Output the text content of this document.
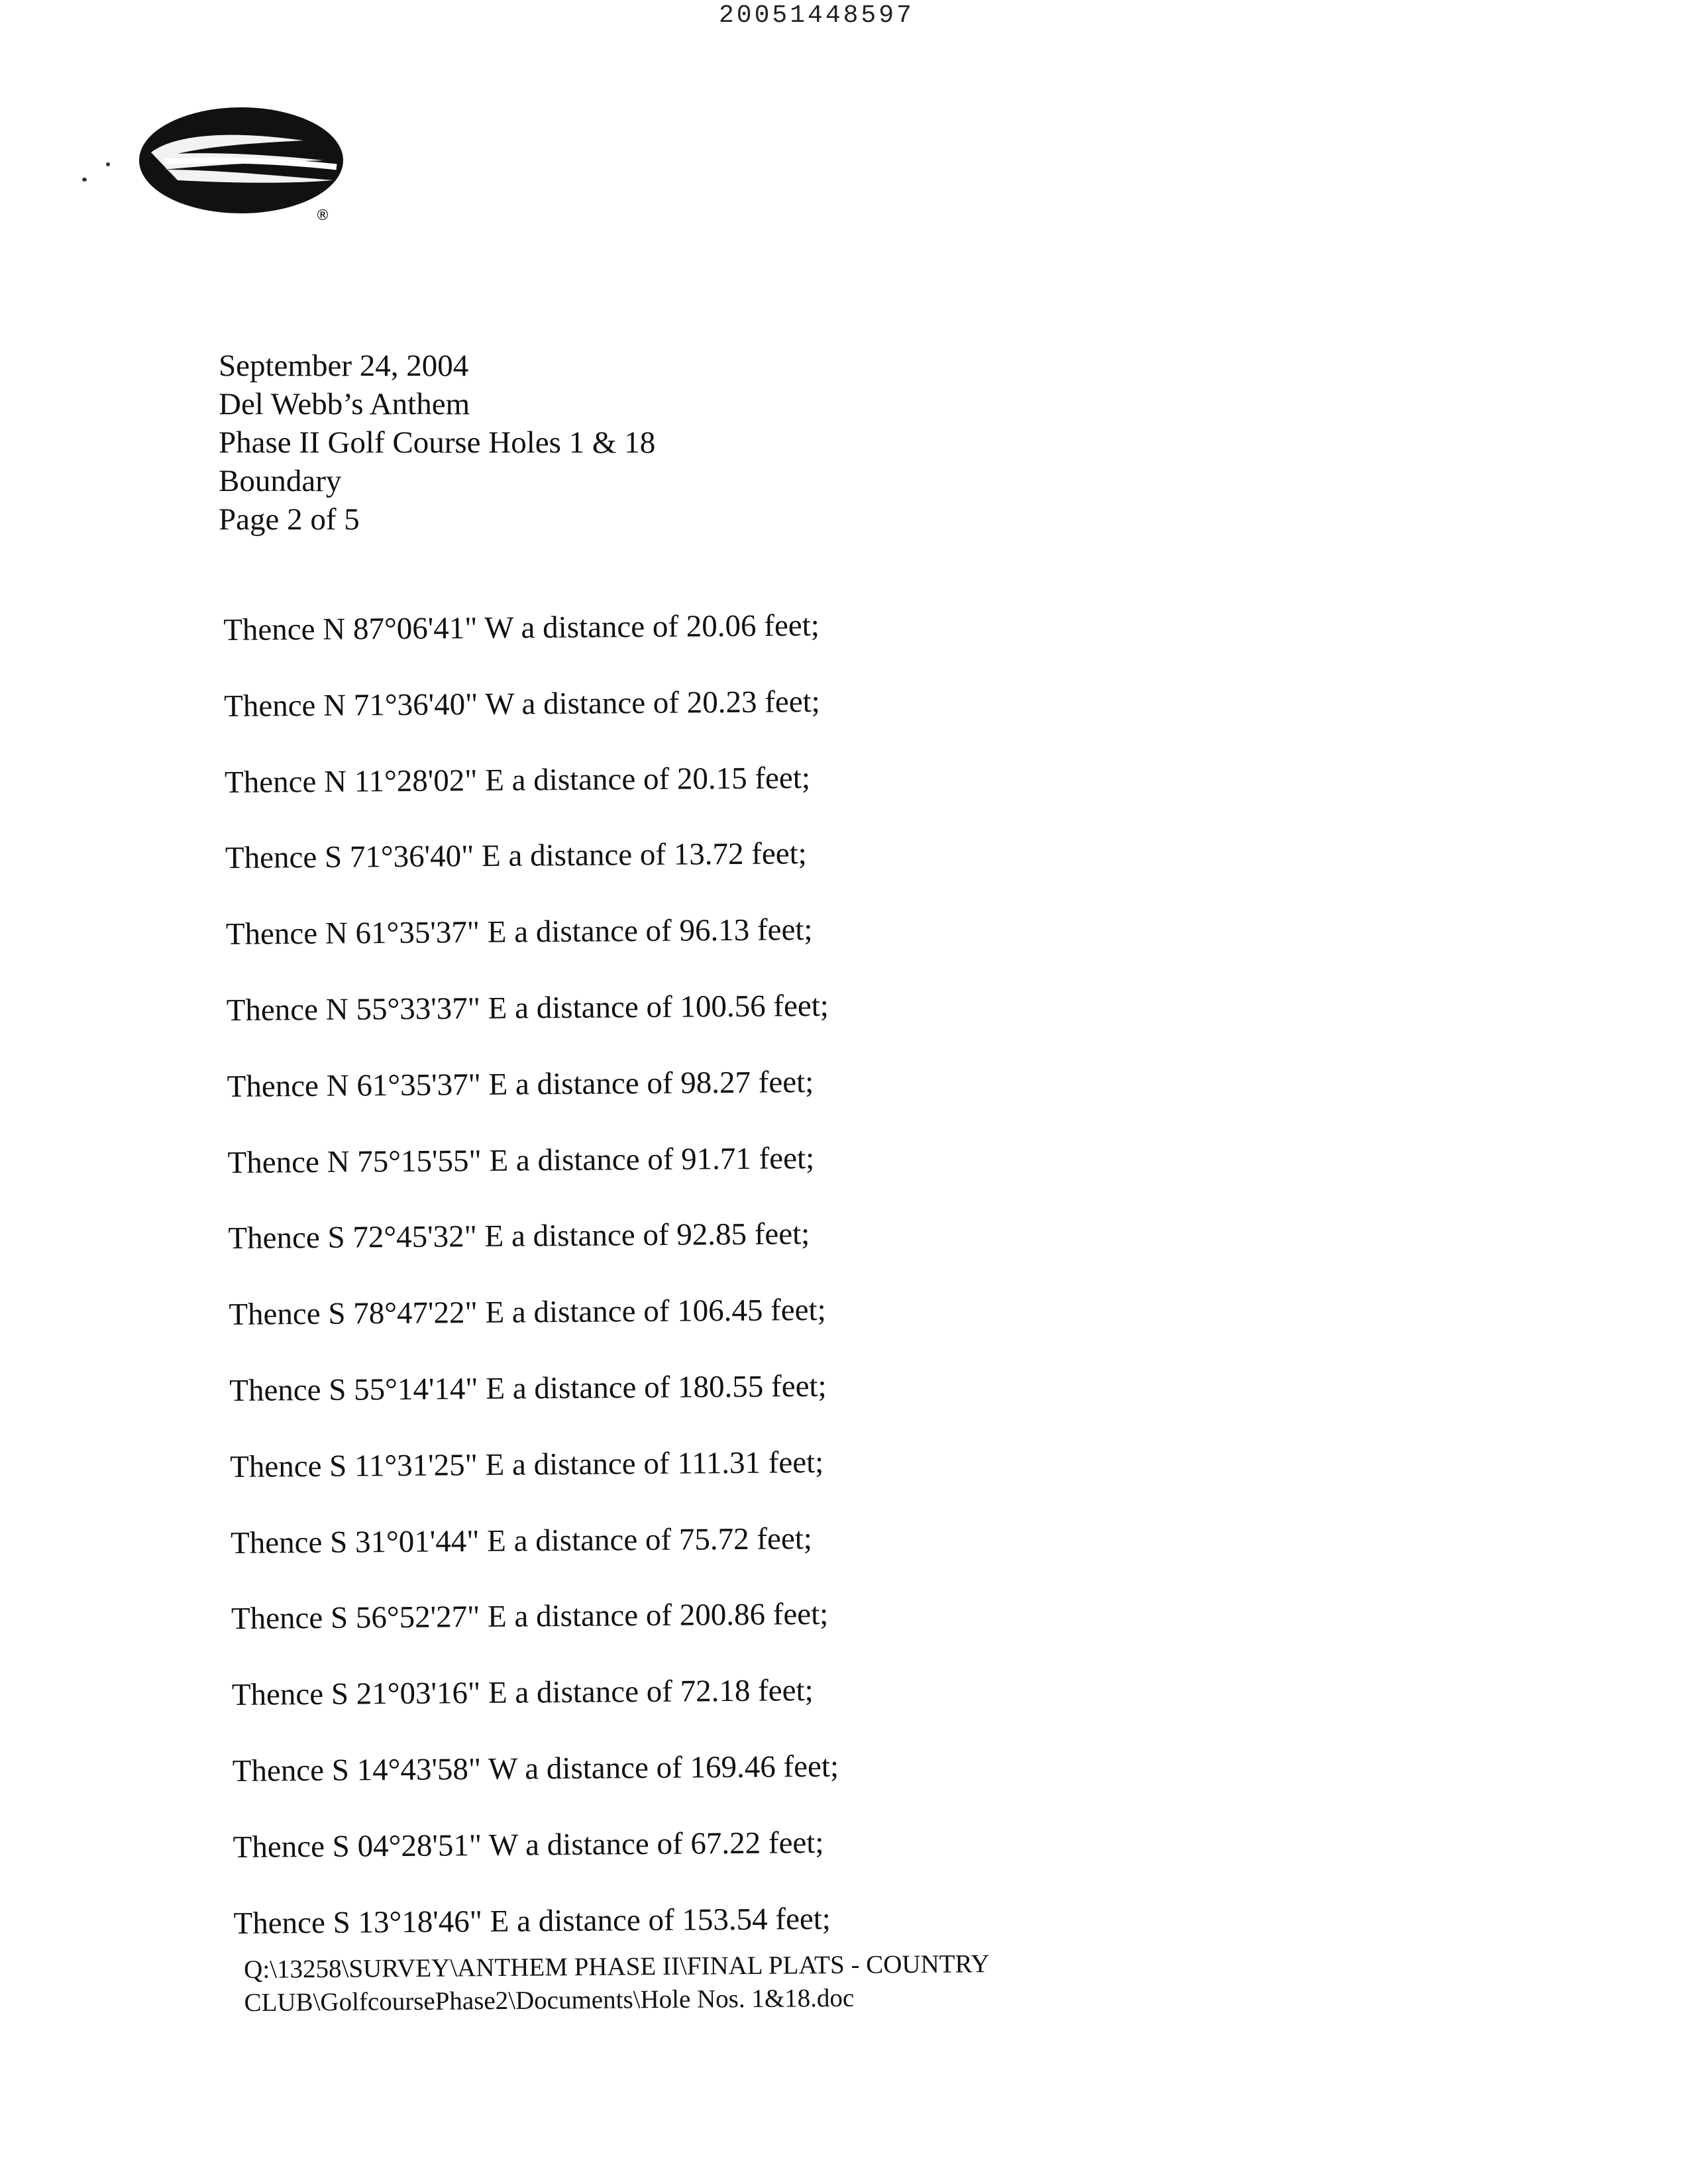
20051448597
®
September 24, 2004
Del Webb’s Anthem
Phase II Golf Course Holes 1 & 18
Boundary
Page 2 of 5
Thence N 87°06'41" W a distance of 20.06 feet;
Thence N 71°36'40" W a distance of 20.23 feet;
Thence N 11°28'02" E a distance of 20.15 feet;
Thence S 71°36'40" E a distance of 13.72 feet;
Thence N 61°35'37" E a distance of 96.13 feet;
Thence N 55°33'37" E a distance of 100.56 feet;
Thence N 61°35'37" E a distance of 98.27 feet;
Thence N 75°15'55" E a distance of 91.71 feet;
Thence S 72°45'32" E a distance of 92.85 feet;
Thence S 78°47'22" E a distance of 106.45 feet;
Thence S 55°14'14" E a distance of 180.55 feet;
Thence S 11°31'25" E a distance of 111.31 feet;
Thence S 31°01'44" E a distance of 75.72 feet;
Thence S 56°52'27" E a distance of 200.86 feet;
Thence S 21°03'16" E a distance of 72.18 feet;
Thence S 14°43'58" W a distance of 169.46 feet;
Thence S 04°28'51" W a distance of 67.22 feet;
Thence S 13°18'46" E a distance of 153.54 feet;
Q:\13258\SURVEY\ANTHEM PHASE II\FINAL PLATS - COUNTRY
CLUB\GolfcoursePhase2\Documents\Hole Nos. 1&18.doc
